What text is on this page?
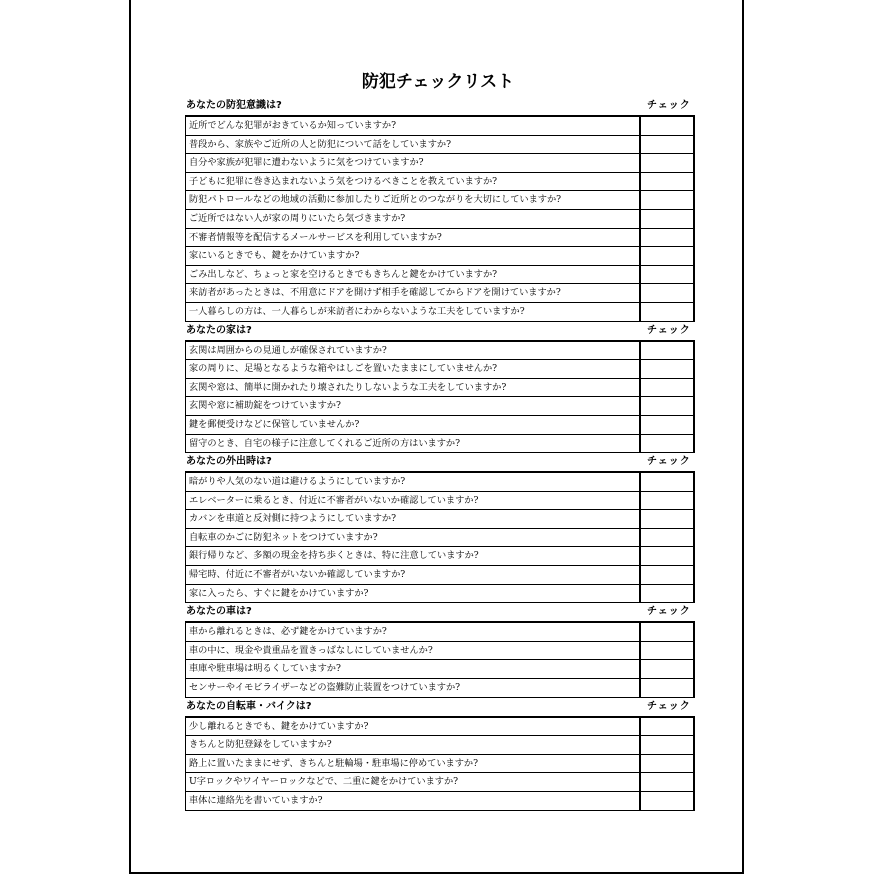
防犯チェックリスト
あなたの防犯意識は?	チェック
近所でどんな犯罪がおきているか知っていますか?
普段から、家族やご近所の人と防犯について話をしていますか?
自分や家族が犯罪に遭わないように気をつけていますか?
子どもに犯罪に巻き込まれないよう気をつけるべきことを教えていますか?
防犯パトロールなどの地域の活動に参加したりご近所とのつながりを大切にしていますか?
ご近所ではない人が家の周りにいたら気づきますか?
不審者情報等を配信するメールサービスを利用していますか?
家にいるときでも、鍵をかけていますか?
ごみ出しなど、ちょっと家を空けるときでもきちんと鍵をかけていますか?
来訪者があったときは、不用意にドアを開けず相手を確認してからドアを開けていますか?
一人暮らしの方は、一人暮らしが来訪者にわからないような工夫をしていますか?
あなたの家は?	チェック
玄関は周囲からの見通しが確保されていますか?
家の周りに、足場となるような箱やはしごを置いたままにしていませんか?
玄関や窓は、簡単に開かれたり壊されたりしないような工夫をしていますか?
玄関や窓に補助錠をつけていますか?
鍵を郵便受けなどに保管していませんか?
留守のとき、自宅の様子に注意してくれるご近所の方はいますか?
あなたの外出時は?	チェック
暗がりや人気のない道は避けるようにしていますか?
エレベーターに乗るとき、付近に不審者がいないか確認していますか?
カバンを車道と反対側に持つようにしていますか?
自転車のかごに防犯ネットをつけていますか?
銀行帰りなど、多額の現金を持ち歩くときは、特に注意していますか?
帰宅時、付近に不審者がいないか確認していますか?
家に入ったら、すぐに鍵をかけていますか?
あなたの車は?	チェック
車から離れるときは、必ず鍵をかけていますか?
車の中に、現金や貴重品を置きっぱなしにしていませんか?
車庫や駐車場は明るくしていますか?
センサーやイモビライザーなどの盗難防止装置をつけていますか?
あなたの自転車・バイクは?	チェック
少し離れるときでも、鍵をかけていますか?
きちんと防犯登録をしていますか?
路上に置いたままにせず、きちんと駐輪場・駐車場に停めていますか?
U字ロックやワイヤーロックなどで、二重に鍵をかけていますか?
車体に連絡先を書いていますか?
